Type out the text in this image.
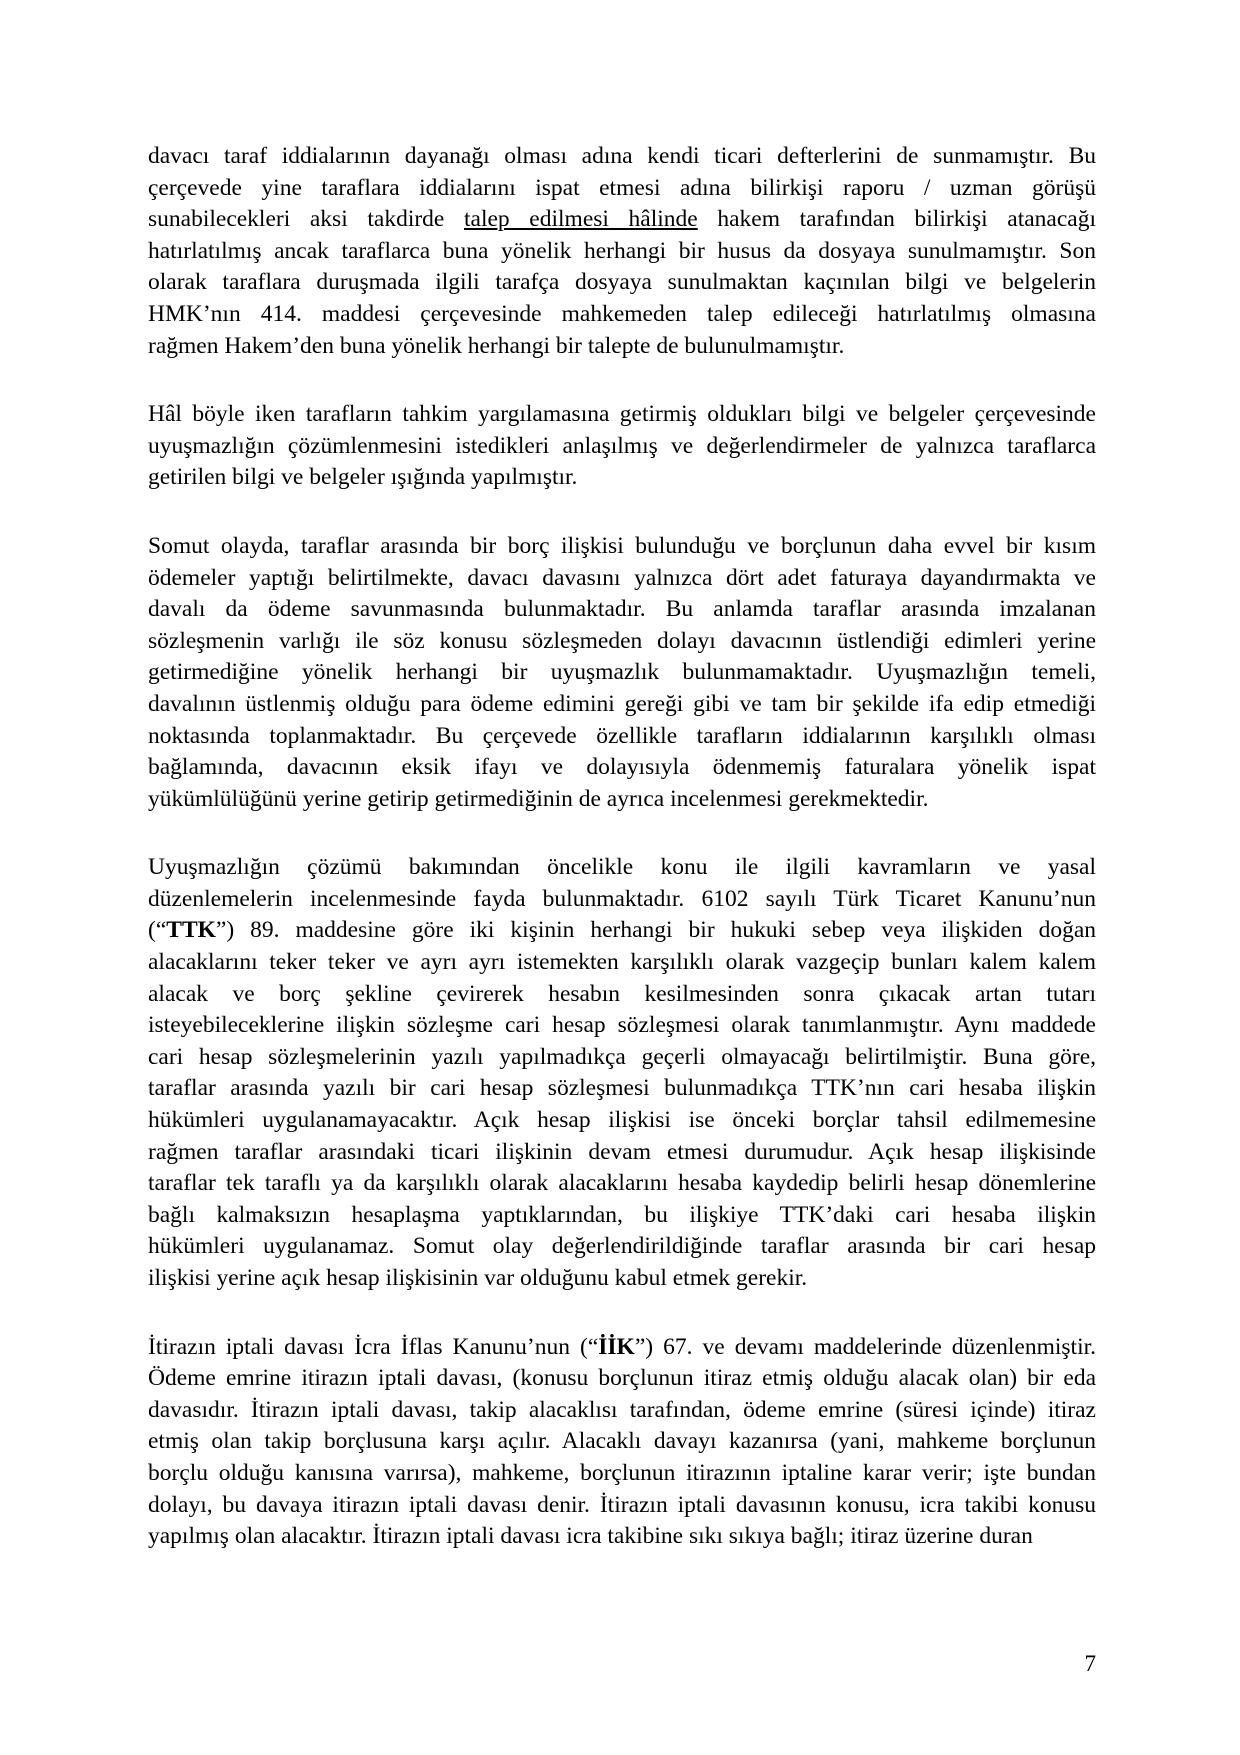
davacı taraf iddialarının dayanağı olması adına kendi ticari defterlerini de sunmamıştır. Bu
çerçevede yine taraflara iddialarını ispat etmesi adına bilirkişi raporu / uzman görüşü
sunabilecekleri aksi takdirde talep edilmesi hâlinde hakem tarafından bilirkişi atanacağı
hatırlatılmış ancak taraflarca buna yönelik herhangi bir husus da dosyaya sunulmamıştır. Son
olarak taraflara duruşmada ilgili tarafça dosyaya sunulmaktan kaçınılan bilgi ve belgelerin
HMK’nın 414. maddesi çerçevesinde mahkemeden talep edileceği hatırlatılmış olmasına
rağmen Hakem’den buna yönelik herhangi bir talepte de bulunulmamıştır.
Hâl böyle iken tarafların tahkim yargılamasına getirmiş oldukları bilgi ve belgeler çerçevesinde
uyuşmazlığın çözümlenmesini istedikleri anlaşılmış ve değerlendirmeler de yalnızca taraflarca
getirilen bilgi ve belgeler ışığında yapılmıştır.
Somut olayda, taraflar arasında bir borç ilişkisi bulunduğu ve borçlunun daha evvel bir kısım
ödemeler yaptığı belirtilmekte, davacı davasını yalnızca dört adet faturaya dayandırmakta ve
davalı da ödeme savunmasında bulunmaktadır. Bu anlamda taraflar arasında imzalanan
sözleşmenin varlığı ile söz konusu sözleşmeden dolayı davacının üstlendiği edimleri yerine
getirmediğine yönelik herhangi bir uyuşmazlık bulunmamaktadır. Uyuşmazlığın temeli,
davalının üstlenmiş olduğu para ödeme edimini gereği gibi ve tam bir şekilde ifa edip etmediği
noktasında toplanmaktadır. Bu çerçevede özellikle tarafların iddialarının karşılıklı olması
bağlamında, davacının eksik ifayı ve dolayısıyla ödenmemiş faturalara yönelik ispat
yükümlülüğünü yerine getirip getirmediğinin de ayrıca incelenmesi gerekmektedir.
Uyuşmazlığın çözümü bakımından öncelikle konu ile ilgili kavramların ve yasal
düzenlemelerin incelenmesinde fayda bulunmaktadır. 6102 sayılı Türk Ticaret Kanunu’nun
(“TTK”) 89. maddesine göre iki kişinin herhangi bir hukuki sebep veya ilişkiden doğan
alacaklarını teker teker ve ayrı ayrı istemekten karşılıklı olarak vazgeçip bunları kalem kalem
alacak ve borç şekline çevirerek hesabın kesilmesinden sonra çıkacak artan tutarı
isteyebileceklerine ilişkin sözleşme cari hesap sözleşmesi olarak tanımlanmıştır. Aynı maddede
cari hesap sözleşmelerinin yazılı yapılmadıkça geçerli olmayacağı belirtilmiştir. Buna göre,
taraflar arasında yazılı bir cari hesap sözleşmesi bulunmadıkça TTK’nın cari hesaba ilişkin
hükümleri uygulanamayacaktır. Açık hesap ilişkisi ise önceki borçlar tahsil edilmemesine
rağmen taraflar arasındaki ticari ilişkinin devam etmesi durumudur. Açık hesap ilişkisinde
taraflar tek taraflı ya da karşılıklı olarak alacaklarını hesaba kaydedip belirli hesap dönemlerine
bağlı kalmaksızın hesaplaşma yaptıklarından, bu ilişkiye TTK’daki cari hesaba ilişkin
hükümleri uygulanamaz. Somut olay değerlendirildiğinde taraflar arasında bir cari hesap
ilişkisi yerine açık hesap ilişkisinin var olduğunu kabul etmek gerekir.
İtirazın iptali davası İcra İflas Kanunu’nun (“İİK”) 67. ve devamı maddelerinde düzenlenmiştir.
Ödeme emrine itirazın iptali davası, (konusu borçlunun itiraz etmiş olduğu alacak olan) bir eda
davasıdır. İtirazın iptali davası, takip alacaklısı tarafından, ödeme emrine (süresi içinde) itiraz
etmiş olan takip borçlusuna karşı açılır. Alacaklı davayı kazanırsa (yani, mahkeme borçlunun
borçlu olduğu kanısına varırsa), mahkeme, borçlunun itirazının iptaline karar verir; işte bundan
dolayı, bu davaya itirazın iptali davası denir. İtirazın iptali davasının konusu, icra takibi konusu
yapılmış olan alacaktır. İtirazın iptali davası icra takibine sıkı sıkıya bağlı; itiraz üzerine duran
7
